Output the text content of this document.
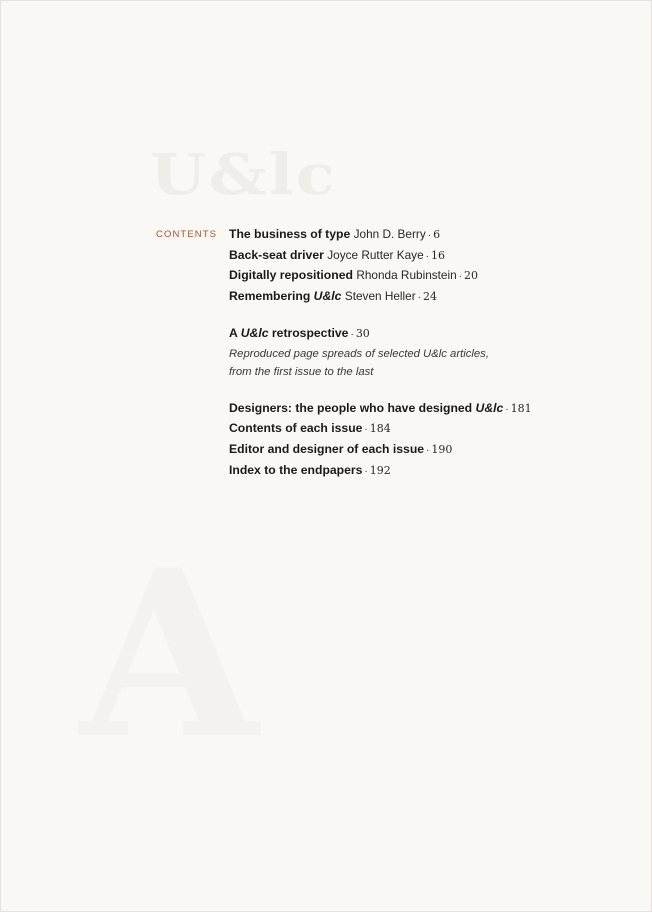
U&lc
A
CONTENTS The business of type John D. Berry · 6
Back-seat driver Joyce Rutter Kaye · 16
Digitally repositioned Rhonda Rubinstein · 20
Remembering U&lc Steven Heller · 24
A U&lc retrospective · 30
Reproduced page spreads of selected U&lc articles,
from the first issue to the last
Designers: the people who have designed U&lc · 181
Contents of each issue · 184
Editor and designer of each issue · 190
Index to the endpapers · 192
